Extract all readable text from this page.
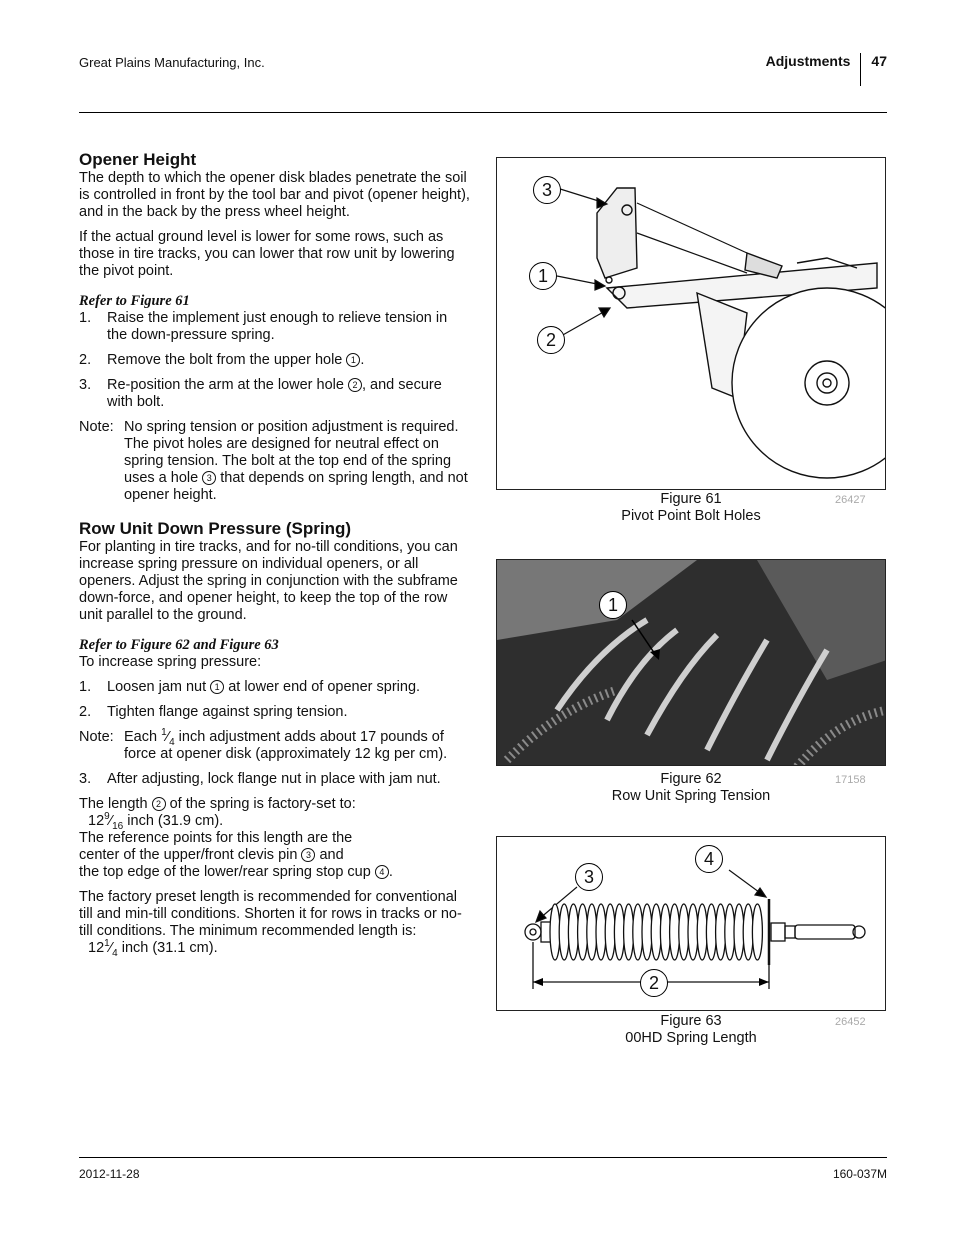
Great Plains Manufacturing, Inc.	Adjustments	47
Opener Height

The depth to which the opener disk blades penetrate the soil is controlled in front by the tool bar and pivot (opener height), and in the back by the press wheel height.

If the actual ground level is lower for some rows, such as those in tire tracks, you can lower that row unit by lowering the pivot point.

Refer to Figure 61

1.	Raise the implement just enough to relieve tension in the down-pressure spring.
2.	Remove the bolt from the upper hole 1 .
3.	Re-position the arm at the lower hole 2 , and secure with bolt.
Note: No spring tension or position adjustment is required. The pivot holes are designed for neutral effect on spring tension. The bolt at the top end of the spring uses a hole 3 that depends on spring length, and not opener height.
Row Unit Down Pressure (Spring)

For planting in tire tracks, and for no-till conditions, you can increase spring pressure on individual openers, or all openers. Adjust the spring in conjunction with the subframe down-force, and opener height, to keep the top of the row unit parallel to the ground.

Refer to Figure 62 and Figure 63

To increase spring pressure:

1.	Loosen jam nut 1 at lower end of opener spring.
2.	Tighten flange against spring tension.
Note: Each $^1⁄_4$ inch adjustment adds about 17 pounds of force at opener disk (approximately 12 kg per cm).
3.	After adjusting, lock flange nut in place with jam nut.

The length 2 of the spring is factory-set to:

$12^9⁄_{16}$ inch (31.9 cm).

The reference points for this length are the

center of the upper/front clevis pin 3 and

the top edge of the lower/rear spring stop cup 4 .

The factory preset length is recommended for conventional till and min-till conditions. Shorten it for rows in tracks or no-till conditions. The minimum recommended length is:

$12^1⁄_4$ inch (31.1 cm).

3
1
2
Figure 61
Pivot Point Bolt Holes
26427
1
Figure 62
Row Unit Spring Tension
17158
3
4
2
Figure 63
00HD Spring Length
26452
2012-11-28	160-037M
